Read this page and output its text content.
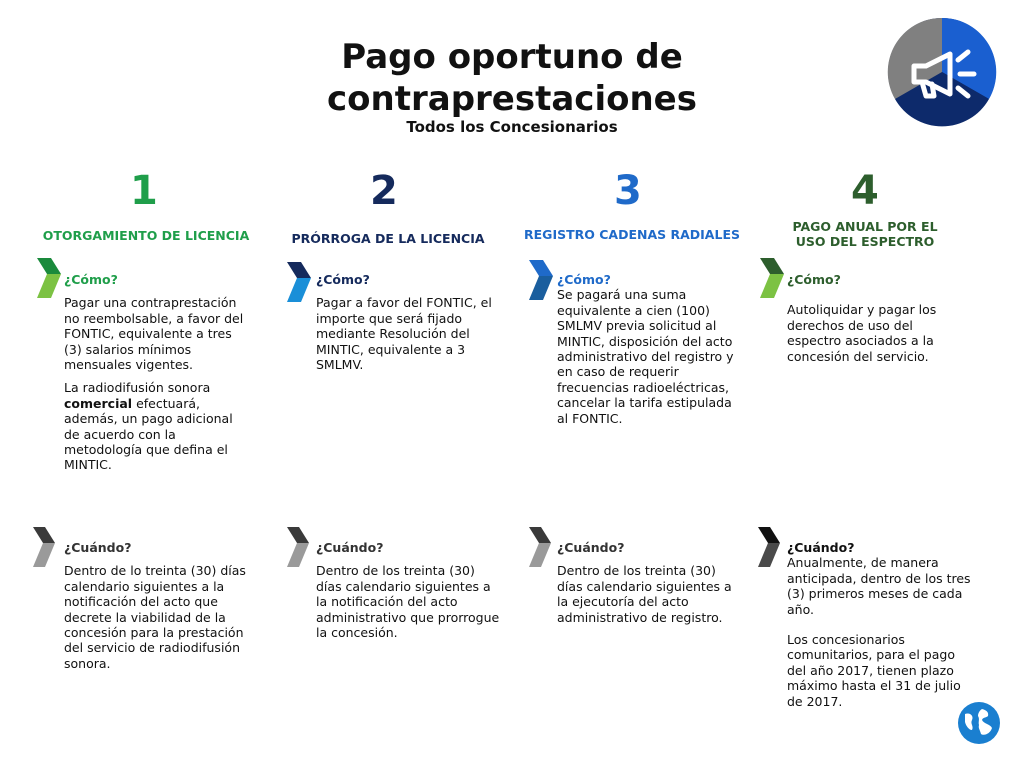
Pago oportuno de
contraprestaciones
Todos los Concesionarios
1
OTORGAMIENTO DE LICENCIA
¿Cómo?

Pagar una contraprestación no reembolsable, a favor del FONTIC, equivalente a tres (3) salarios mínimos mensuales vigentes.

La radiodifusión sonora comercial efectuará, además, un pago adicional de acuerdo con la metodología que defina el MINTIC.

¿Cuándo?

Dentro de lo treinta (30) días calendario siguientes a la notificación del acto que decrete la viabilidad de la concesión para la prestación del servicio de radiodifusión sonora.

2
PRÓRROGA DE LA LICENCIA
¿Cómo?

Pagar a favor del FONTIC, el importe que será fijado mediante Resolución del MINTIC, equivalente a 3 SMLMV.

¿Cuándo?

Dentro de los treinta (30) días calendario siguientes a la notificación del acto administrativo que prorrogue la concesión.

3
REGISTRO CADENAS RADIALES
¿Cómo?

Se pagará una suma equivalente a cien (100) SMLMV previa solicitud al MINTIC, disposición del acto administrativo del registro y en caso de requerir frecuencias radioeléctricas, cancelar la tarifa estipulada al FONTIC.

¿Cuándo?

Dentro de los treinta (30) días calendario siguientes a la ejecutoría del acto administrativo de registro.

4
PAGO ANUAL POR EL
USO DEL ESPECTRO
¿Cómo?

Autoliquidar y pagar los derechos de uso del espectro asociados a la concesión del servicio.

¿Cuándo?

Anualmente, de manera anticipada, dentro de los tres (3) primeros meses de cada año.

Los concesionarios comunitarios, para el pago del año 2017, tienen plazo máximo hasta el 31 de julio de 2017.
